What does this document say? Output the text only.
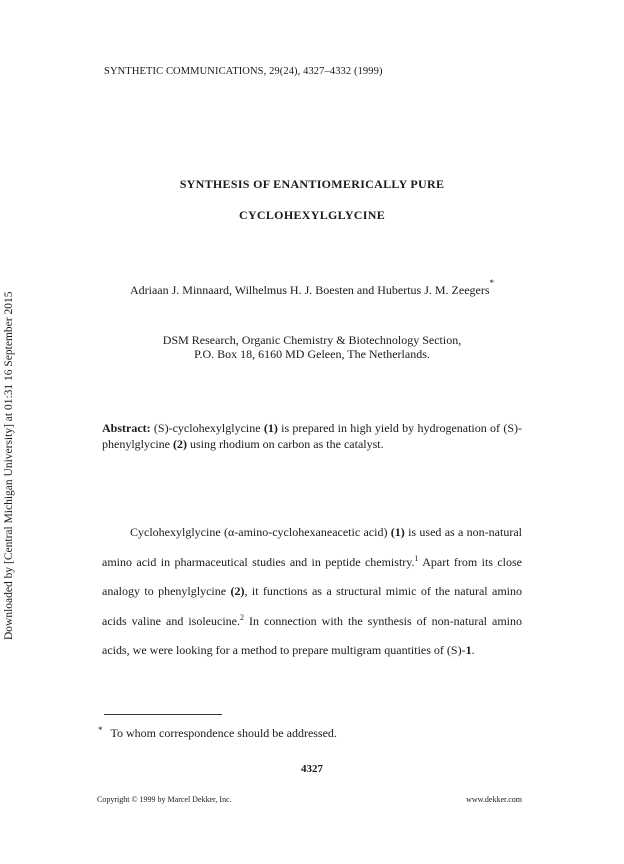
Downloaded by [Central Michigan University] at 01:31 16 September 2015
SYNTHETIC COMMUNICATIONS, 29(24), 4327–4332 (1999)
SYNTHESIS OF ENANTIOMERICALLY PURE
CYCLOHEXYLGLYCINE
Adriaan J. Minnaard, Wilhelmus H. J. Boesten and Hubertus J. M. Zeegers*
DSM Research, Organic Chemistry & Biotechnology Section,
P.O. Box 18, 6160 MD Geleen, The Netherlands.
Abstract: (S)-cyclohexylglycine (1) is prepared in high yield by hydrogenation of (S)-phenylglycine (2) using rhodium on carbon as the catalyst.
Cyclohexylglycine (α-amino-cyclohexaneacetic acid) (1) is used as a non-natural amino acid in pharmaceutical studies and in peptide chemistry.$^1$ Apart from its close analogy to phenylglycine (2), it functions as a structural mimic of the natural amino acids valine and isoleucine.$^2$ In connection with the synthesis of non-natural amino acids, we were looking for a method to prepare multigram quantities of (S)-1.
* To whom correspondence should be addressed.
4327
Copyright © 1999 by Marcel Dekker, Inc.	www.dekker.com
